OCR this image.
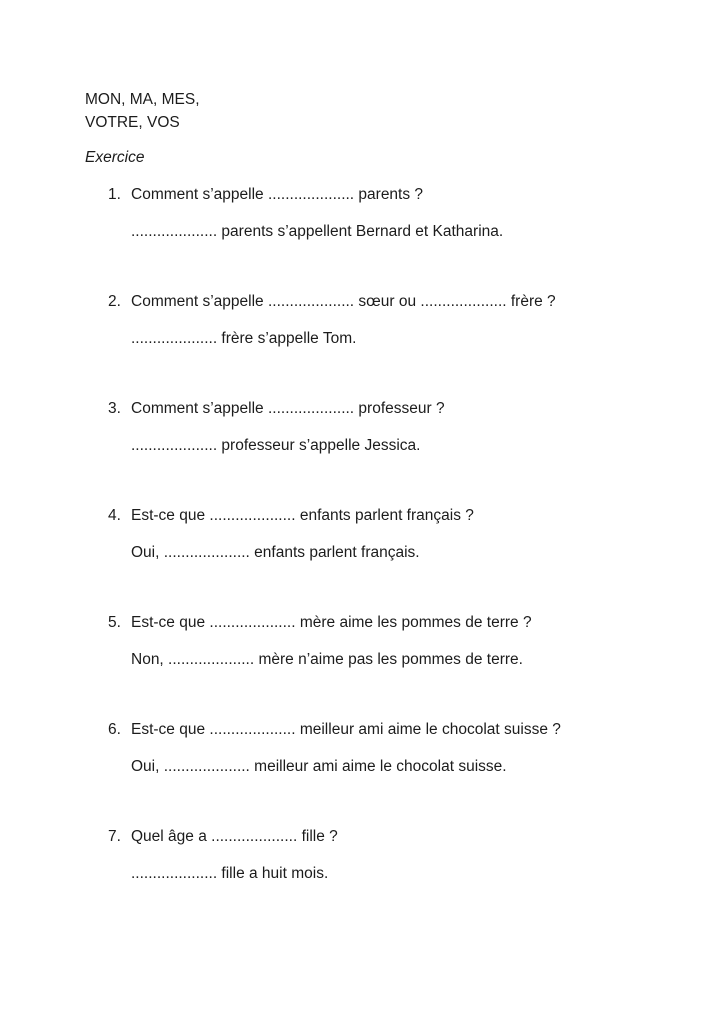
MON, MA, MES,

VOTRE, VOS

Exercice

1. Comment s’appelle .................... parents ?

.................... parents s’appellent Bernard et Katharina.

2. Comment s’appelle .................... sœur ou .................... frère ?

.................... frère s’appelle Tom.

3. Comment s’appelle .................... professeur ?

.................... professeur s’appelle Jessica.

4. Est-ce que .................... enfants parlent français ?

Oui, .................... enfants parlent français.

5. Est-ce que .................... mère aime les pommes de terre ?

Non, .................... mère n’aime pas les pommes de terre.

6. Est-ce que .................... meilleur ami aime le chocolat suisse ?

Oui, .................... meilleur ami aime le chocolat suisse.

7. Quel âge a .................... fille ?

.................... fille a huit mois.
